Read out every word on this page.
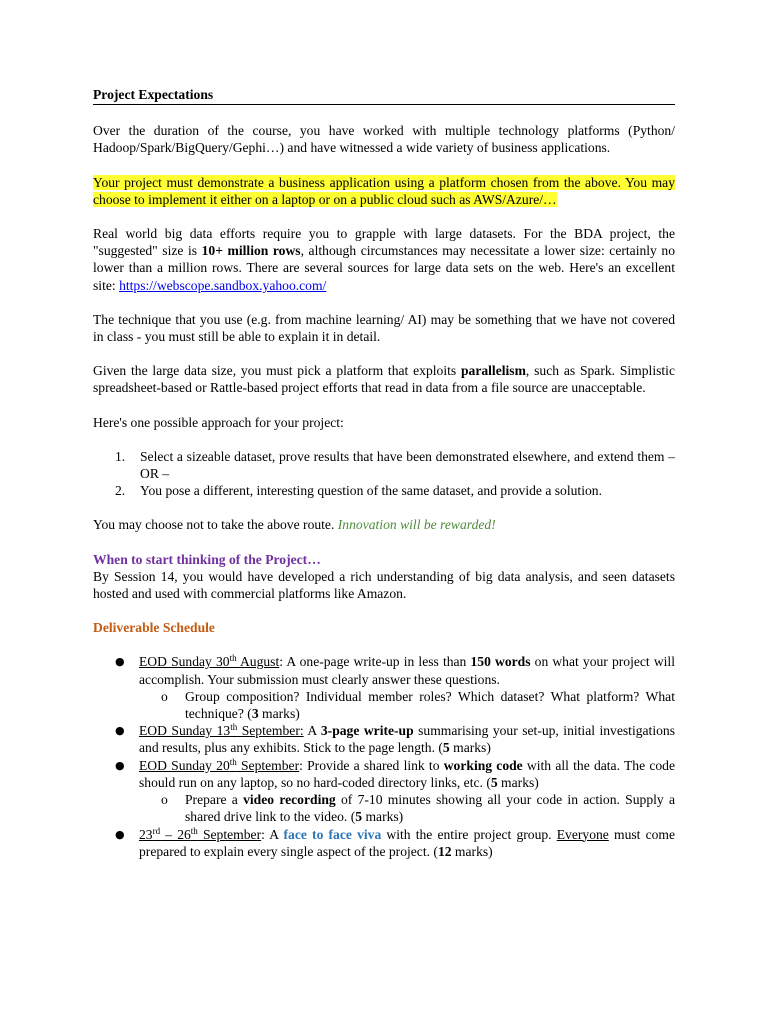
Project Expectations

Over the duration of the course, you have worked with multiple technology platforms (Python/ Hadoop/Spark/BigQuery/Gephi…) and have witnessed a wide variety of business applications.

Your project must demonstrate a business application using a platform chosen from the above. You may choose to implement it either on a laptop or on a public cloud such as AWS/Azure/…

Real world big data efforts require you to grapple with large datasets. For the BDA project, the "suggested" size is 10+ million rows, although circumstances may necessitate a lower size: certainly no lower than a million rows. There are several sources for large data sets on the web. Here's an excellent site: https://webscope.sandbox.yahoo.com/

The technique that you use (e.g. from machine learning/ AI) may be something that we have not covered in class - you must still be able to explain it in detail.

Given the large data size, you must pick a platform that exploits parallelism, such as Spark. Simplistic spreadsheet-based or Rattle-based project efforts that read in data from a file source are unacceptable.

Here's one possible approach for your project:

1. Select a sizeable dataset, prove results that have been demonstrated elsewhere, and extend them – OR –
2. You pose a different, interesting question of the same dataset, and provide a solution.

You may choose not to take the above route. Innovation will be rewarded!

When to start thinking of the Project…

By Session 14, you would have developed a rich understanding of big data analysis, and seen datasets hosted and used with commercial platforms like Amazon.

Deliverable Schedule
● EOD Sunday 30th August: A one-page write-up in less than 150 words on what your project will accomplish. Your submission must clearly answer these questions.
o Group composition? Individual member roles? Which dataset? What platform? What technique? (3 marks)
● EOD Sunday 13th September: A 3-page write-up summarising your set-up, initial investigations and results, plus any exhibits. Stick to the page length. (5 marks)
● EOD Sunday 20th September: Provide a shared link to working code with all the data. The code should run on any laptop, so no hard-coded directory links, etc. (5 marks)
o Prepare a video recording of 7-10 minutes showing all your code in action. Supply a shared drive link to the video. (5 marks)
● 23rd – 26th September: A face to face viva with the entire project group. Everyone must come prepared to explain every single aspect of the project. (12 marks)
